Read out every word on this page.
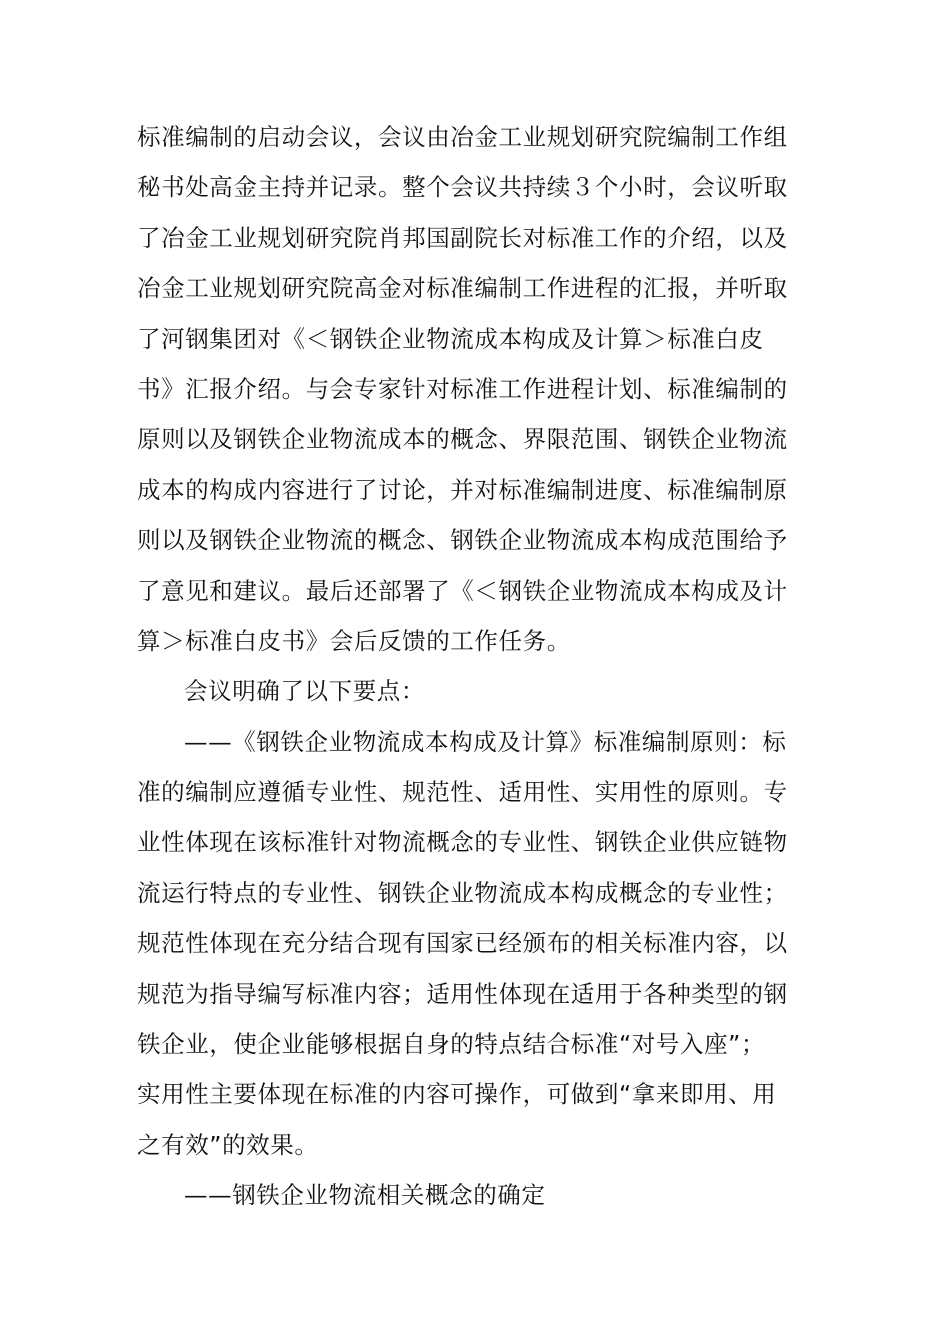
标准编制的启动会议，会议由冶金工业规划研究院编制工作组
秘书处高金主持并记录。整个会议共持续３个小时，会议听取
了冶金工业规划研究院肖邦国副院长对标准工作的介绍，以及
冶金工业规划研究院高金对标准编制工作进程的汇报，并听取
了河钢集团对《＜钢铁企业物流成本构成及计算＞标准白皮
书》汇报介绍。与会专家针对标准工作进程计划、标准编制的
原则以及钢铁企业物流成本的概念、界限范围、钢铁企业物流
成本的构成内容进行了讨论，并对标准编制进度、标准编制原
则以及钢铁企业物流的概念、钢铁企业物流成本构成范围给予
了意见和建议。最后还部署了《＜钢铁企业物流成本构成及计
算＞标准白皮书》会后反馈的工作任务。
会议明确了以下要点：
——《钢铁企业物流成本构成及计算》标准编制原则：标
准的编制应遵循专业性、规范性、适用性、实用性的原则。专
业性体现在该标准针对物流概念的专业性、钢铁企业供应链物
流运行特点的专业性、钢铁企业物流成本构成概念的专业性；
规范性体现在充分结合现有国家已经颁布的相关标准内容，以
规范为指导编写标准内容；适用性体现在适用于各种类型的钢
铁企业，使企业能够根据自身的特点结合标准“对号入座”；
实用性主要体现在标准的内容可操作，可做到“拿来即用、用
之有效”的效果。
——钢铁企业物流相关概念的确定
